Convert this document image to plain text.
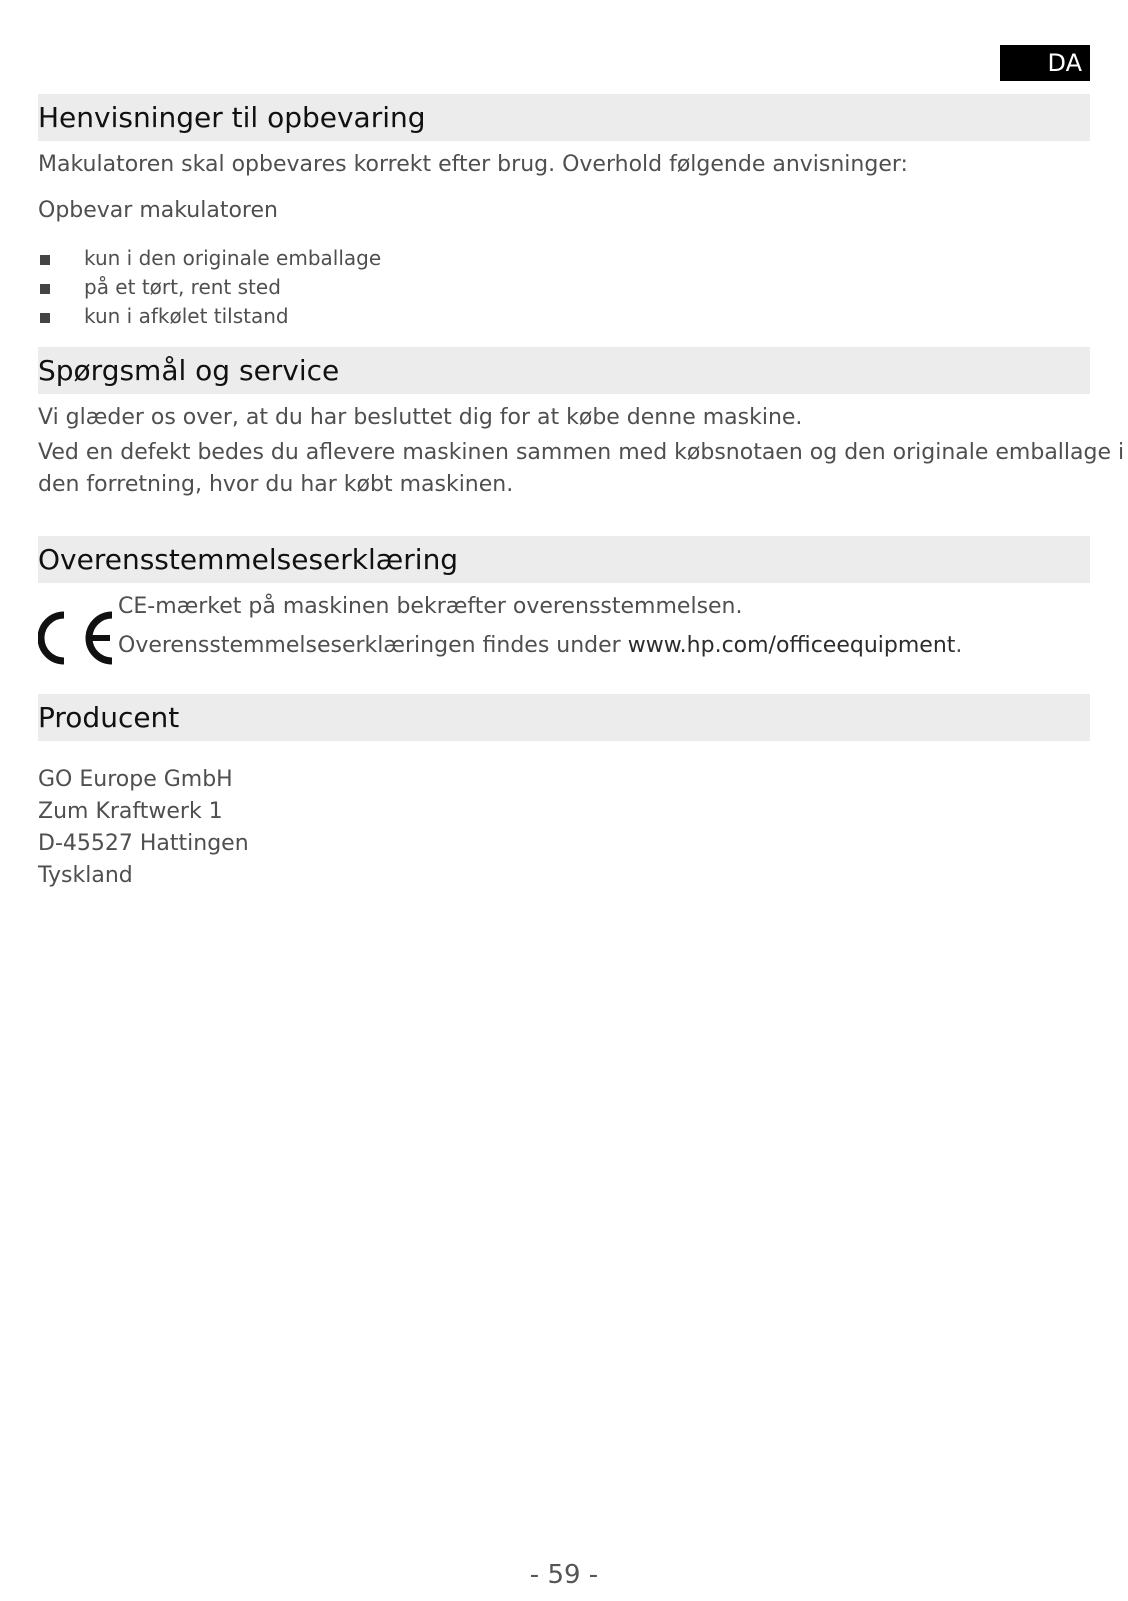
DA
Henvisninger til opbevaring

Makulatoren skal opbevares korrekt efter brug. Overhold følgende anvisninger:

Opbevar makulatoren

kun i den originale emballage
på et tørt, rent sted
kun i afkølet tilstand
Spørgsmål og service

Vi glæder os over, at du har besluttet dig for at købe denne maskine.

Ved en defekt bedes du aflevere maskinen sammen med købsnotaen og den originale emballage i

den forretning, hvor du har købt maskinen.

Overensstemmelseserklæring
CE-mærket på maskinen bekræfter overensstemmelsen.
Overensstemmelseserklæringen findes under www.hp.com/officeequipment.
Producent
GO Europe GmbH
Zum Kraftwerk 1
D-45527 Hattingen
Tyskland
- 59 -
